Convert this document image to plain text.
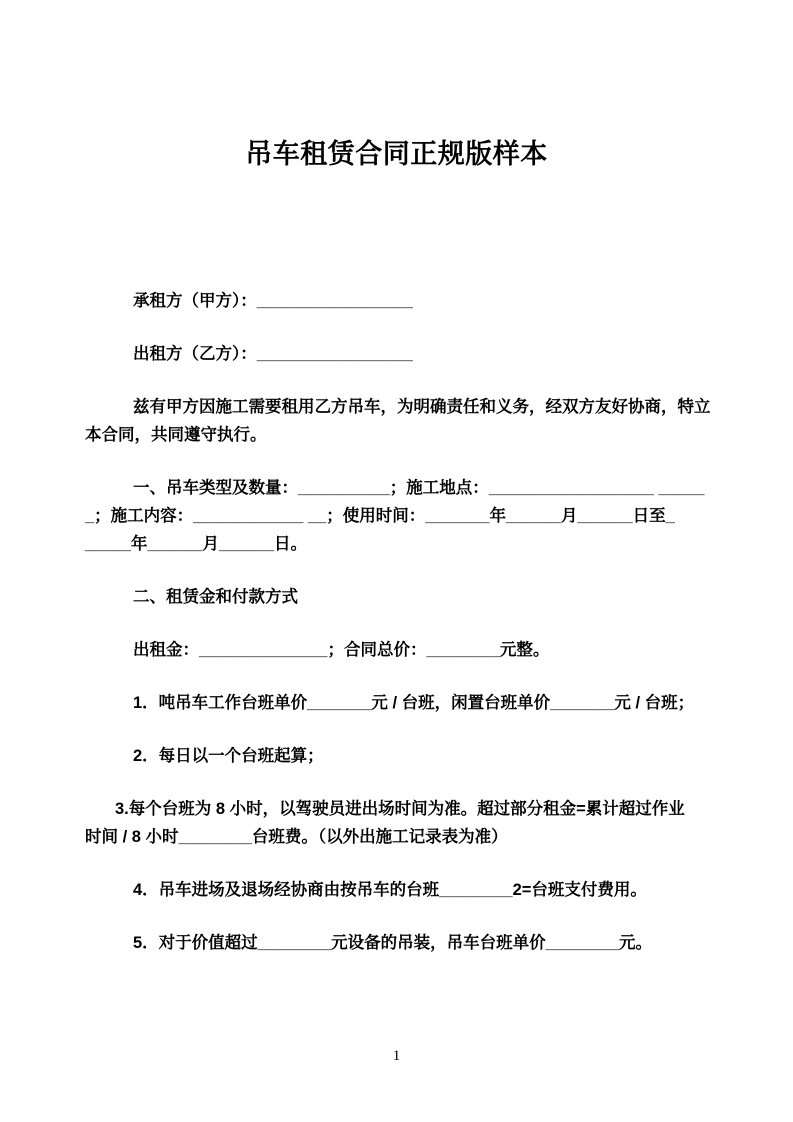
吊车租赁合同正规版样本

承租方（甲方）：_________________

出租方（乙方）：_________________

兹有甲方因施工需要租用乙方吊车，为明确责任和义务，经双方友好协商，特立
本合同，共同遵守执行。

一、吊车类型及数量：__________；施工地点：__________________ _____
_；施工内容：____________ __；使用时间：_______年______月______日至_
_____年______月______日。

二、租赁金和付款方式

出租金：______________；合同总价：________元整。

1．吨吊车工作台班单价_______元 / 台班，闲置台班单价_______元 / 台班；

2．每日以一个台班起算；

3.每个台班为 8 小时，以驾驶员进出场时间为准。超过部分租金=累计超过作业
时间 / 8 小时________台班费。（以外出施工记录表为准）

4．吊车进场及退场经协商由按吊车的台班________2=台班支付费用。

5．对于价值超过________元设备的吊装，吊车台班单价________元。

1
